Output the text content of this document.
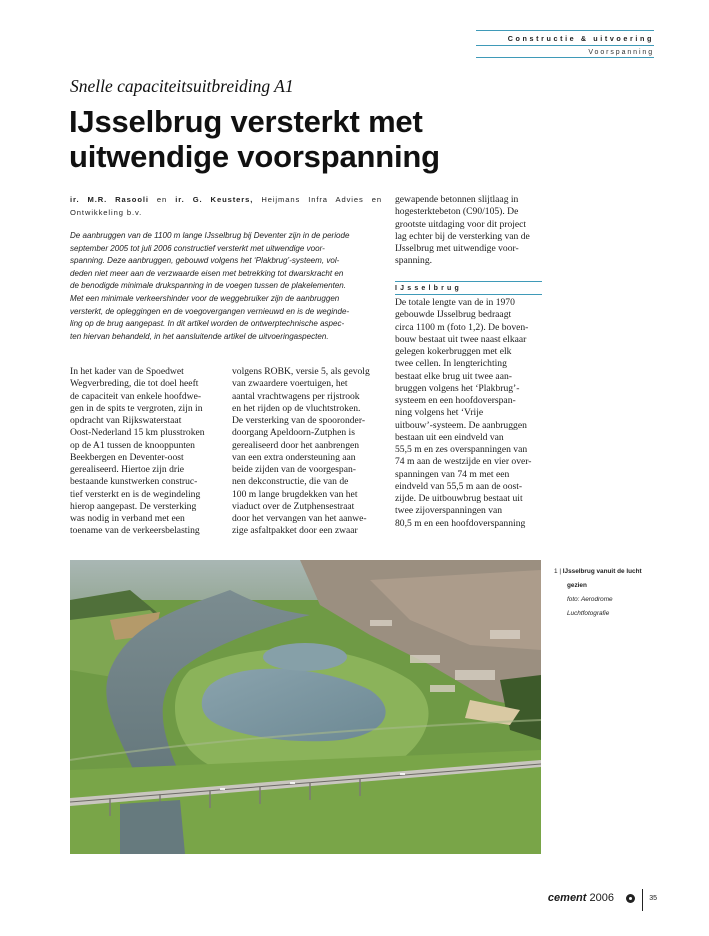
Constructie & uitvoering
Voorspanning
Snelle capaciteitsuitbreiding A1
IJsselbrug versterkt met
uitwendige voorspanning
ir. M.R. Rasooli en ir. G. Keusters, Heijmans Infra Advies en Ontwikkeling b.v.
De aanbruggen van de 1100 m lange IJsselbrug bij Deventer zijn in de periode
september 2005 tot juli 2006 constructief versterkt met uitwendige voor-
spanning. Deze aanbruggen, gebouwd volgens het ‘Plakbrug’-systeem, vol-
deden niet meer aan de verzwaarde eisen met betrekking tot dwarskracht en
de benodigde minimale drukspanning in de voegen tussen de plakelementen.
Met een minimale verkeershinder voor de weggebruiker zijn de aanbruggen
versterkt, de opleggingen en de voegovergangen vernieuwd en is de weginde-
ling op de brug aangepast. In dit artikel worden de ontwerptechnische aspec-
ten hiervan behandeld, in het aansluitende artikel de uitvoeringaspecten.
In het kader van de Spoedwet
Wegverbreding, die tot doel heeft
de capaciteit van enkele hoofdwe-
gen in de spits te vergroten, zijn in
opdracht van Rijkswaterstaat
Oost-Nederland 15 km plusstroken
op de A1 tussen de knooppunten
Beekbergen en Deventer-oost
gerealiseerd. Hiertoe zijn drie
bestaande kunstwerken construc-
tief versterkt en is de wegindeling
hierop aangepast. De versterking
was nodig in verband met een
toename van de verkeersbelasting
volgens ROBK, versie 5, als gevolg
van zwaardere voertuigen, het
aantal vrachtwagens per rijstrook
en het rijden op de vluchtstroken.
De versterking van de spooronder-
doorgang Apeldoorn-Zutphen is
gerealiseerd door het aanbrengen
van een extra ondersteuning aan
beide zijden van de voorgespan-
nen dekconstructie, die van de
100 m lange brugdekken van het
viaduct over de Zutphensestraat
door het vervangen van het aanwe-
zige asfaltpakket door een zwaar
gewapende betonnen slijtlaag in
hogesterktebeton (C90/105). De
grootste uitdaging voor dit project
lag echter bij de versterking van de
IJsselbrug met uitwendige voor-
spanning.
IJsselbrug
De totale lengte van de in 1970
gebouwde IJsselbrug bedraagt
circa 1100 m (foto 1,2). De boven-
bouw bestaat uit twee naast elkaar
gelegen kokerbruggen met elk
twee cellen. In lengterichting
bestaat elke brug uit twee aan-
bruggen volgens het ‘Plakbrug’-
systeem en een hoofdoverspan-
ning volgens het ‘Vrije
uitbouw’-systeem. De aanbruggen
bestaan uit een eindveld van
55,5 m en zes overspanningen van
74 m aan de westzijde en vier over-
spanningen van 74 m met een
eindveld van 55,5 m aan de oost-
zijde. De uitbouwbrug bestaat uit
twee zijoverspanningen van
80,5 m en een hoofdoverspanning
1 | IJsselbrug vanuit de lucht
gezien
foto: Aerodrome
Luchtfotografie
cement 2006	35
